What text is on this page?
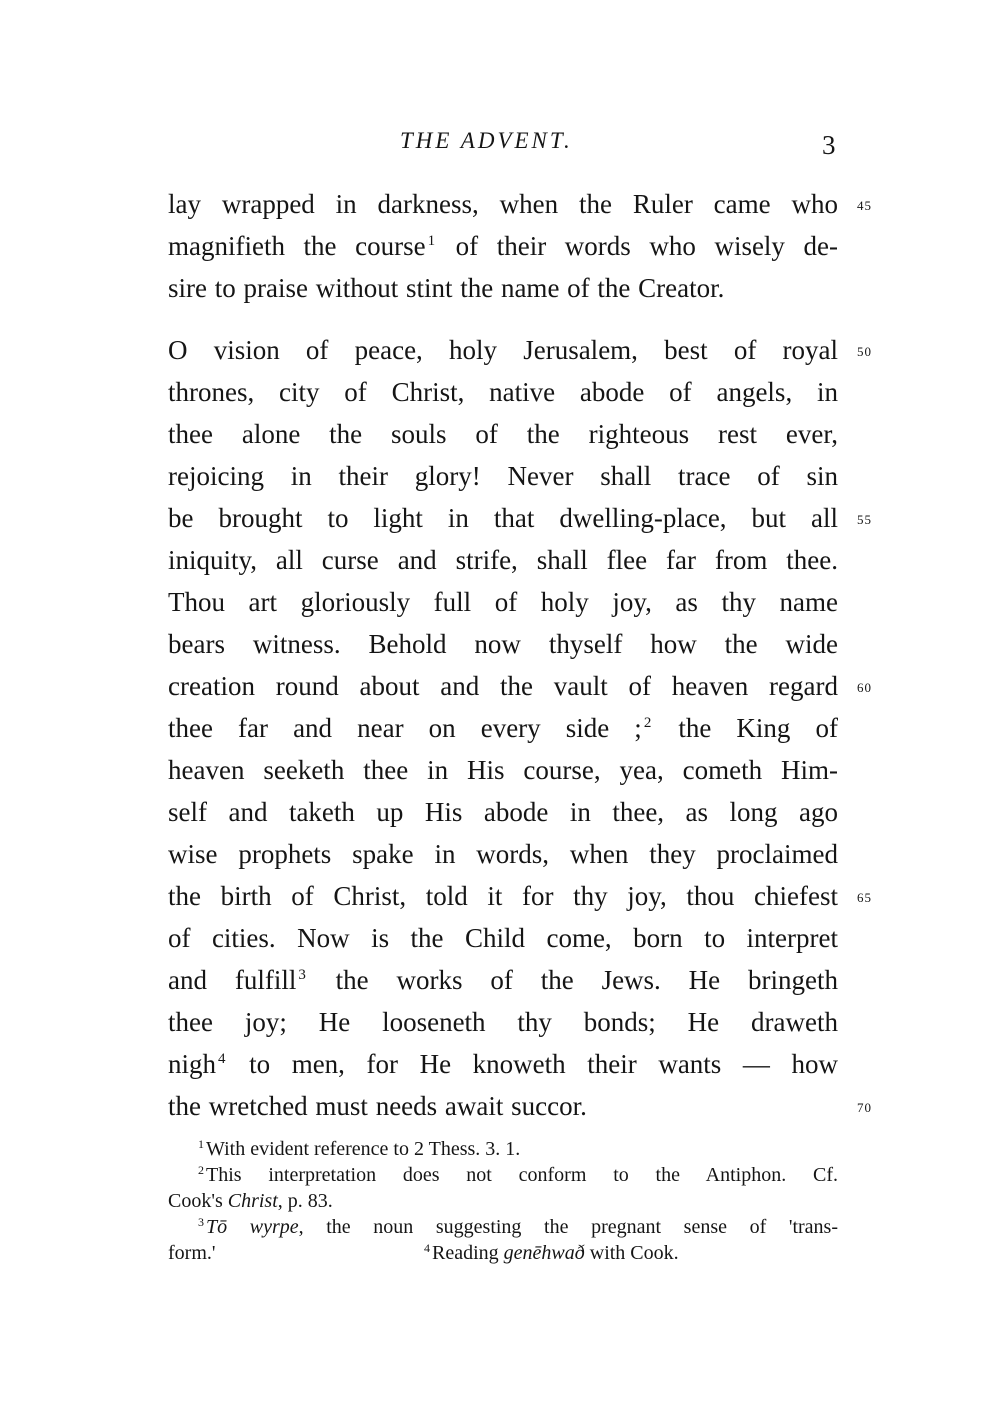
THE ADVENT.	3
lay wrapped in darkness, when the Ruler came who 45
magnifieth the course $^1$ of their words who wisely de-
sire to praise without stint the name of the Creator.
O vision of peace, holy Jerusalem, best of royal 50
thrones, city of Christ, native abode of angels, in
thee alone the souls of the righteous rest ever,
rejoicing in their glory! Never shall trace of sin
be brought to light in that dwelling-place, but all 55
iniquity, all curse and strife, shall flee far from thee.
Thou art gloriously full of holy joy, as thy name
bears witness. Behold now thyself how the wide
creation round about and the vault of heaven regard 60
thee far and near on every side ; $^2$ the King of
heaven seeketh thee in His course, yea, cometh Him-
self and taketh up His abode in thee, as long ago
wise prophets spake in words, when they proclaimed
the birth of Christ, told it for thy joy, thou chiefest 65
of cities. Now is the Child come, born to interpret
and fulfill $^3$ the works of the Jews. He bringeth
thee joy; He looseneth thy bonds; He draweth
nigh $^4$ to men, for He knoweth their wants — how
the wretched must needs await succor.	70
$^1$ With evident reference to 2 Thess. 3. 1.
$^2$ This interpretation does not conform to the Antiphon. Cf.
Cook's Christ, p. 83.
$^3$ Tō wyrpe, the noun suggesting the pregnant sense of 'trans-
form.'	$^4$ Reading genēhwað with Cook.
